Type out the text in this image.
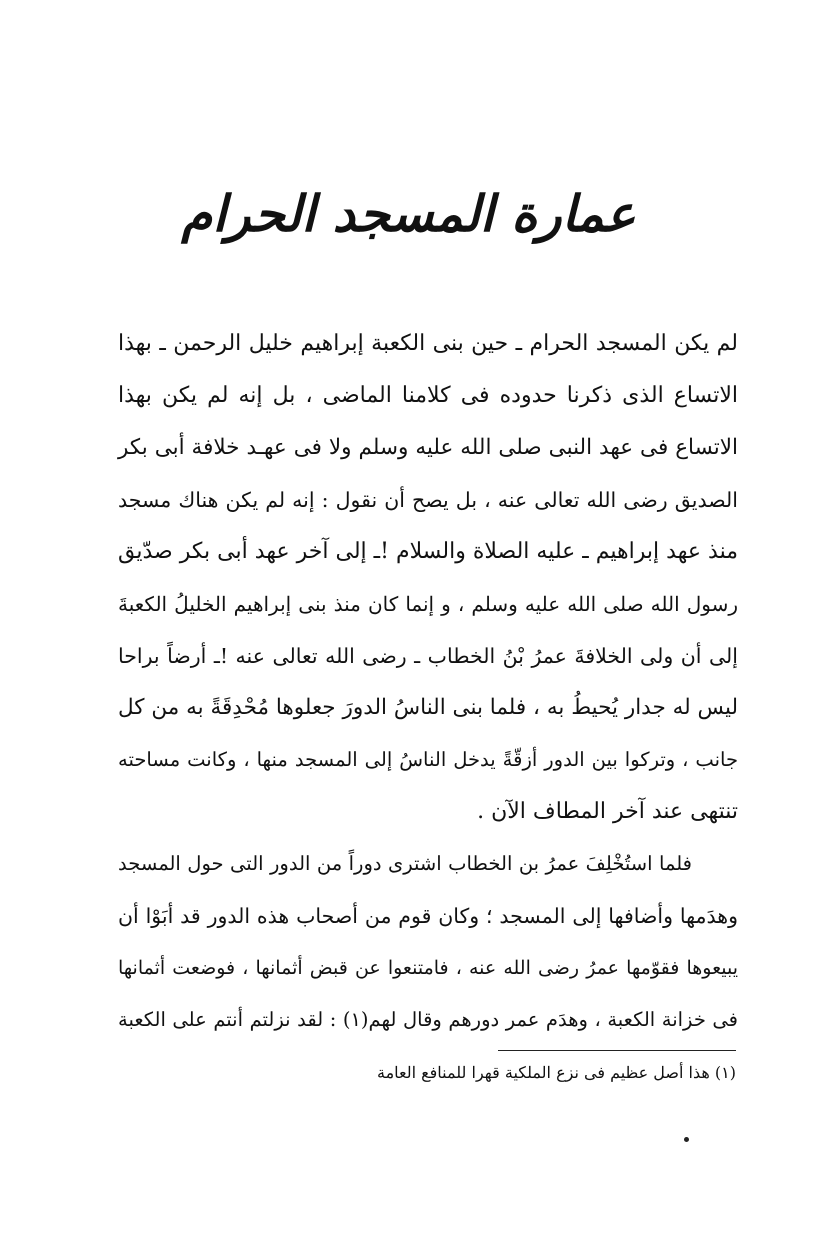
عمارة المسجد الحرام

لم يكن المسجد الحرام ـ حين بنى الكعبة إبراهيم خليل الرحمن ـ بهذا
الاتساع الذى ذكرنا حدوده فى كلامنا الماضى ، بل إنه لم يكن بهذا
الاتساع فى عهد النبى صلى الله عليه وسلم ولا فى عهـد خلافة أبى بكر
الصديق رضى الله تعالى عنه ، بل يصح أن نقول : إنه لم يكن هناك مسجد
منذ عهد إبراهيم ـ عليه الصلاة والسلام !ـ إلى آخر عهد أبى بكر صدّيق
رسول الله صلى الله عليه وسلم ، و إنما كان منذ بنى إبراهيم الخليلُ الكعبةَ
إلى أن ولى الخلافةَ عمرُ بْنُ الخطاب ـ رضى الله تعالى عنه !ـ أرضاً براحا
ليس له جدار يُحيطُ به ، فلما بنى الناسُ الدورَ جعلوها مُحْدِقَةً به من كل
جانب ، وتركوا بين الدور أزقّةً يدخل الناسُ إلى المسجد منها ، وكانت مساحته
تنتهى عند آخر المطاف الآن .

فلما استُخْلِفَ عمرُ بن الخطاب اشترى دوراً من الدور التى حول المسجد
وهدَمها وأضافها إلى المسجد ؛ وكان قوم من أصحاب هذه الدور قد أبَوْا أن
يبيعوها فقوّمها عمرُ رضى الله عنه ، فامتنعوا عن قبض أثمانها ، فوضعت أثمانها
فى خزانة الكعبة ، وهدَم عمر دورهم وقال لهم(١) : لقد نزلتم أنتم على الكعبة

(١) هذا أصل عظيم فى نزع الملكية قهرا للمنافع العامة
